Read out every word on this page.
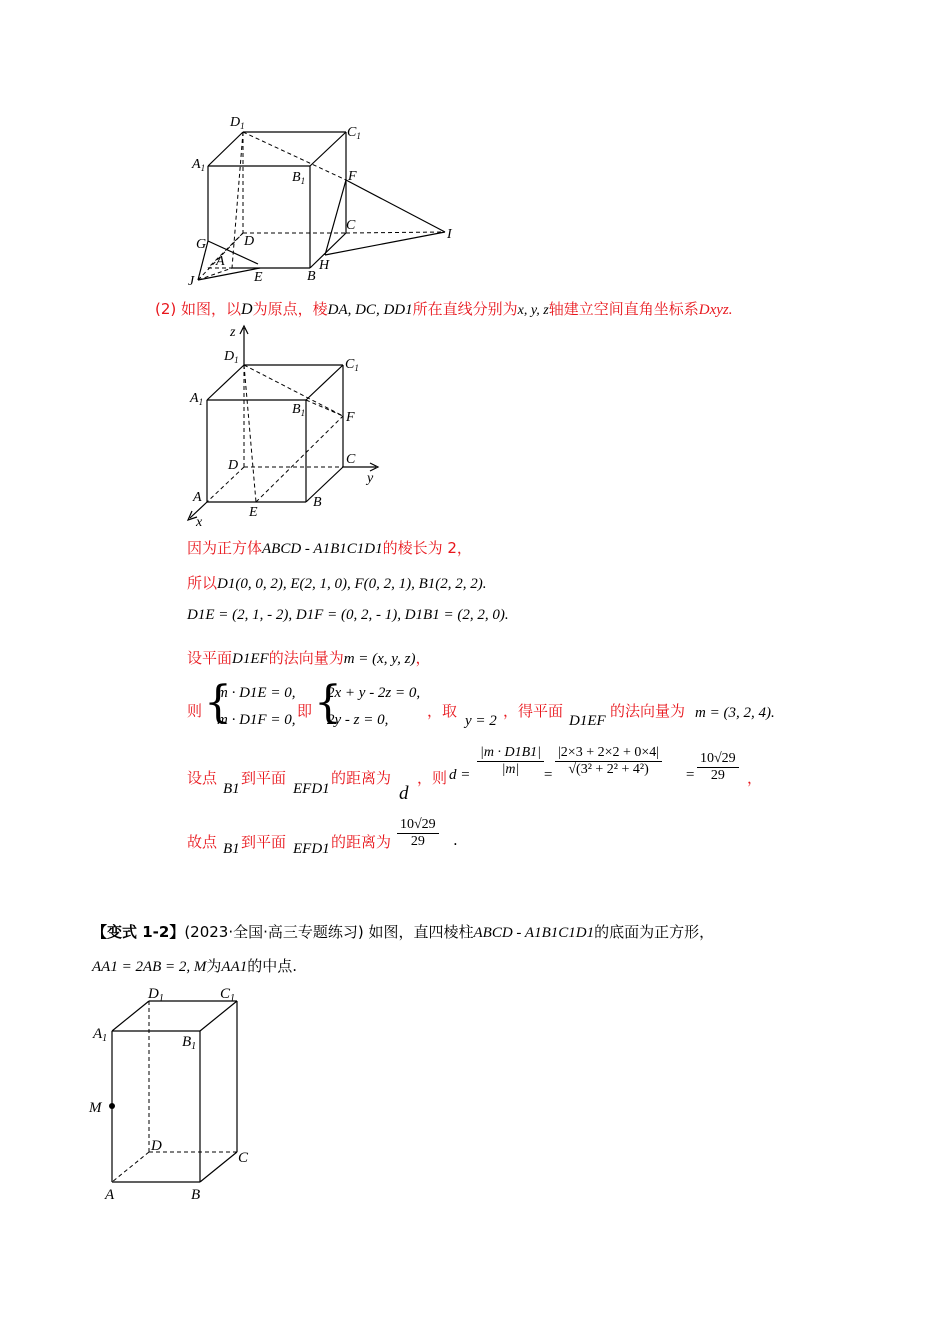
$D_1$	$C_1$
$A_1$
$B_1$	F
C
D	I
G
A	H
J	E	B
(2) 如图，以D为原点，棱DA, DC, DD1所在直线分别为x, y, z轴建立空间直角坐标系Dxyz.
z
$D_1$	$C_1$
$A_1$	$B_1$	F
D	C
y
A	B
E
x
因为正方体ABCD - A1B1C1D1的棱长为 2，
所以D1(0, 0, 2), E(2, 1, 0), F(0, 2, 1), B1(2, 2, 2).
D1E = (2, 1, - 2), D1F = (0, 2, - 1), D1B1 = (2, 2, 0).
设平面D1EF的法向量为m = (x, y, z)，
则 {
m · D1E = 0,
m · D1F = 0, 即 {
2x + y - 2z = 0,
2y - z = 0,	，取
y = 2
，得平面
D1EF
的法向量为 m = (3, 2, 4).
设点
B1
到平面
EFD1
的距离为
d
，则 $d = \frac{|m \cdot D1B1|}{|m|} = \frac{|2\times 3 + 2\times 2 + 0\times 4|}{\text{√(3² + 2² + 4²)}} = \frac{10√29}{29}$ ，
故点 B1 到平面 EFD1 的距离为 $\frac{10√29}{29}$ .
【变式 1-2】(2023·全国·高三专题练习) 如图，直四棱柱ABCD - A1B1C1D1的底面为正方形，
AA1 = 2AB = 2, M为AA1的中点.
$D_1$	$C_1$
$A_1$	$B_1$
M
D
C
A	B
